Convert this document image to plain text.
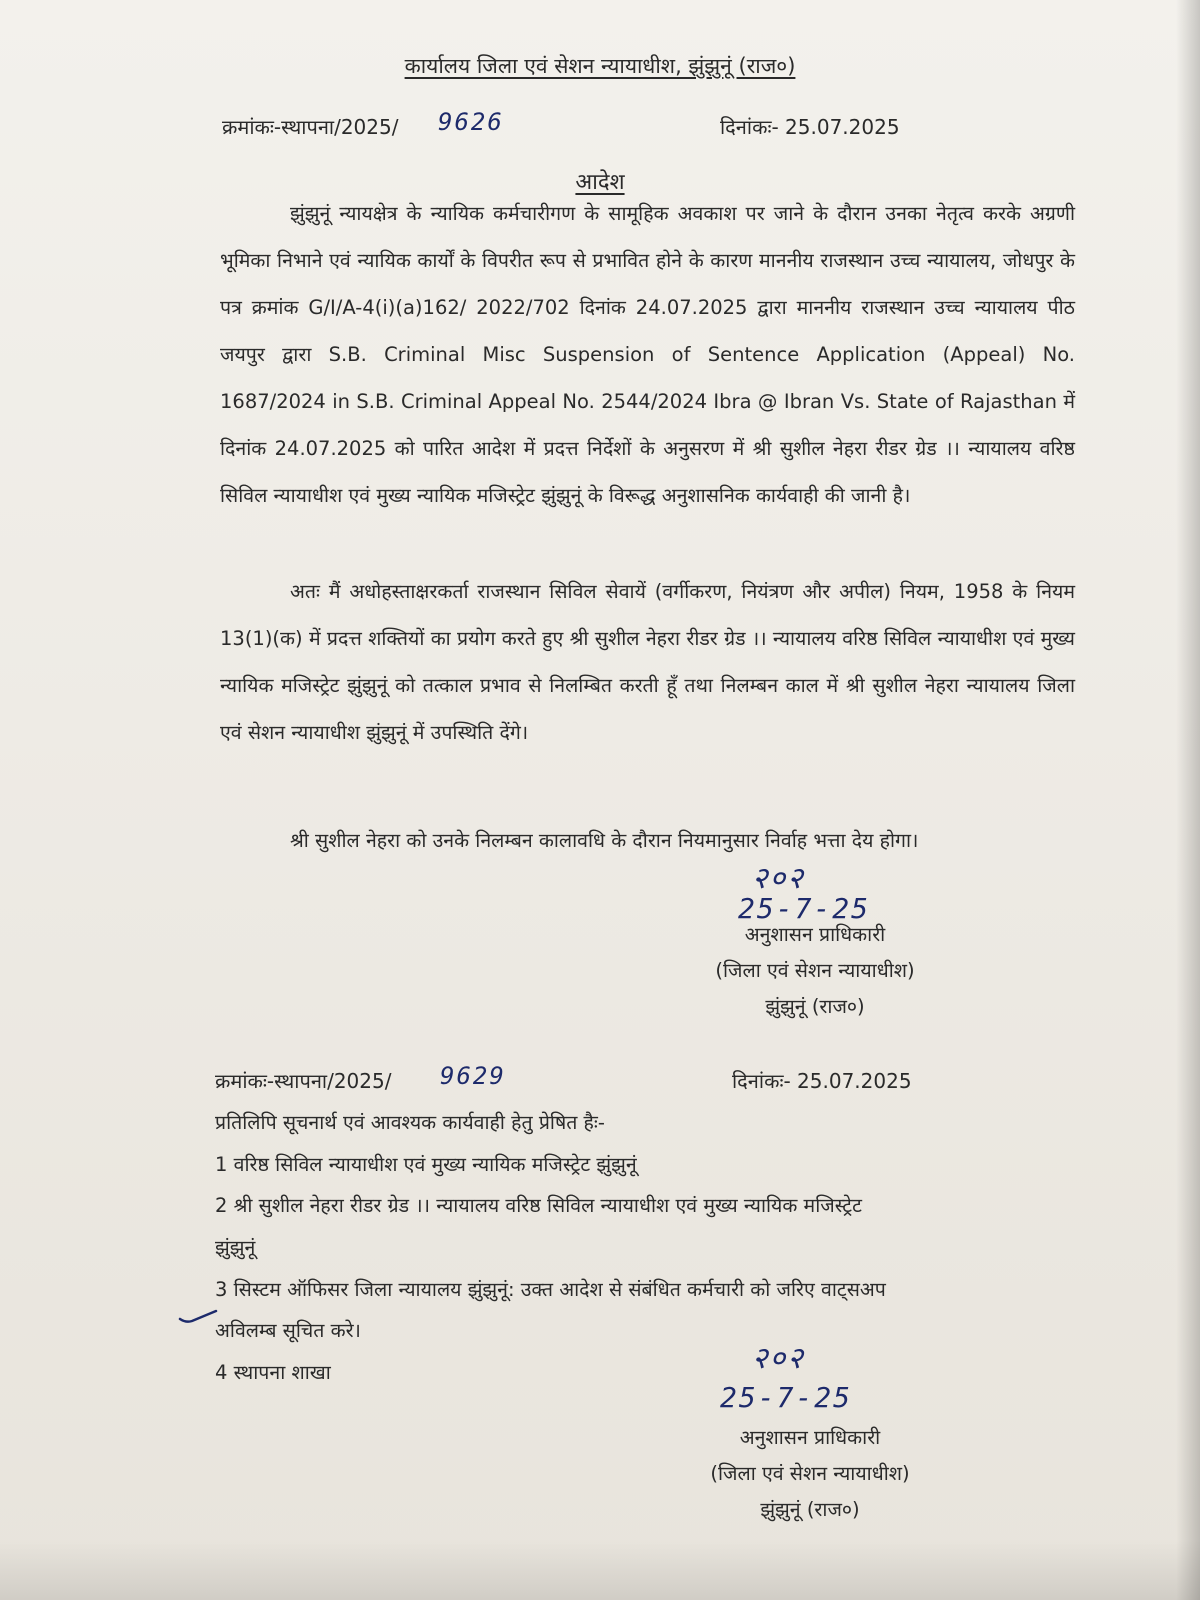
कार्यालय जिला एवं सेशन न्यायाधीश, झुंझुनूं (राज०)
क्रमांकः-स्थापना/2025/ 9626	दिनांकः- 25.07.2025
आदेश

झुंझुनूं न्यायक्षेत्र के न्यायिक कर्मचारीगण के सामूहिक अवकाश पर जाने के दौरान उनका नेतृत्व करके अग्रणी भूमिका निभाने एवं न्यायिक कार्यों के विपरीत रूप से प्रभावित होने के कारण माननीय राजस्थान उच्च न्यायालय, जोधपुर के पत्र क्रमांक G/I/A-4(i)(a)162/ 2022/702 दिनांक 24.07.2025 द्वारा माननीय राजस्थान उच्च न्यायालय पीठ जयपुर द्वारा S.B. Criminal Misc Suspension of Sentence Application (Appeal) No. 1687/2024 in S.B. Criminal Appeal No. 2544/2024 Ibra @ Ibran Vs. State of Rajasthan में दिनांक 24.07.2025 को पारित आदेश में प्रदत्त निर्देशों के अनुसरण में श्री सुशील नेहरा रीडर ग्रेड ।। न्यायालय वरिष्ठ सिविल न्यायाधीश एवं मुख्य न्यायिक मजिस्ट्रेट झुंझुनूं के विरूद्ध अनुशासनिक कार्यवाही की जानी है।

अतः मैं अधोहस्ताक्षरकर्ता राजस्थान सिविल सेवायें (वर्गीकरण, नियंत्रण और अपील) नियम, 1958 के नियम 13(1)(क) में प्रदत्त शक्तियों का प्रयोग करते हुए श्री सुशील नेहरा रीडर ग्रेड ।। न्यायालय वरिष्ठ सिविल न्यायाधीश एवं मुख्य न्यायिक मजिस्ट्रेट झुंझुनूं को तत्काल प्रभाव से निलम्बित करती हूँ तथा निलम्बन काल में श्री सुशील नेहरा न्यायालय जिला एवं सेशन न्यायाधीश झुंझुनूं में उपस्थिति देंगे।

श्री सुशील नेहरा को उनके निलम्बन कालावधि के दौरान नियमानुसार निर्वाह भत्ता देय होगा।

२०२
25-7-25
अनुशासन प्राधिकारी
(जिला एवं सेशन न्यायाधीश)
झुंझुनूं (राज०)
क्रमांकः-स्थापना/2025/ 9629	दिनांकः- 25.07.2025
प्रतिलिपि सूचनार्थ एवं आवश्यक कार्यवाही हेतु प्रेषित हैः-
1 वरिष्ठ सिविल न्यायाधीश एवं मुख्य न्यायिक मजिस्ट्रेट झुंझुनूं
2 श्री सुशील नेहरा रीडर ग्रेड ।। न्यायालय वरिष्ठ सिविल न्यायाधीश एवं मुख्य न्यायिक मजिस्ट्रेट
झुंझुनूं
3 सिस्टम ऑफिसर जिला न्यायालय झुंझुनूं: उक्त आदेश से संबंधित कर्मचारी को जरिए वाट्सअप
अविलम्ब सूचित करे।
4 स्थापना शाखा	२०२
25-7-25
अनुशासन प्राधिकारी
(जिला एवं सेशन न्यायाधीश)
झुंझुनूं (राज०)
